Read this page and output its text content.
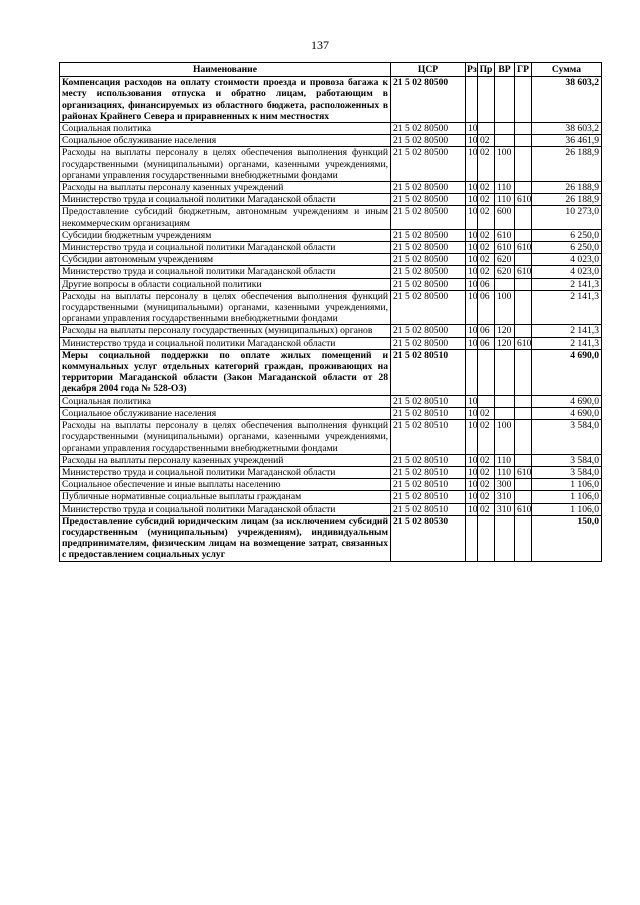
137
Наименование	ЦСР	Рз	Пр	ВР	ГР	Сумма
Компенсация расходов на оплату стоимости проезда и провоза багажа к месту использования отпуска и обратно лицам, работающим в организациях, финансируемых из областного бюджета, расположенных в районах Крайнего Севера и приравненных к ним местностях	21 5 02 80500					38 603,2
Социальная политика	21 5 02 80500	10				38 603,2
Социальное обслуживание населения	21 5 02 80500	10	02			36 461,9
Расходы на выплаты персоналу в целях обеспечения выполнения функций государственными (муниципальными) органами, казенными учреждениями, органами управления государственными внебюджетными фондами	21 5 02 80500	10	02	100		26 188,9
Расходы на выплаты персоналу казенных учреждений	21 5 02 80500	10	02	110		26 188,9
Министерство труда и социальной политики Магаданской области	21 5 02 80500	10	02	110	610	26 188,9
Предоставление субсидий бюджетным, автономным учреждениям и иным некоммерческим организациям	21 5 02 80500	10	02	600		10 273,0
Субсидии бюджетным учреждениям	21 5 02 80500	10	02	610		6 250,0
Министерство труда и социальной политики Магаданской области	21 5 02 80500	10	02	610	610	6 250,0
Субсидии автономным учреждениям	21 5 02 80500	10	02	620		4 023,0
Министерство труда и социальной политики Магаданской области	21 5 02 80500	10	02	620	610	4 023,0
Другие вопросы в области социальной политики	21 5 02 80500	10	06			2 141,3
Расходы на выплаты персоналу в целях обеспечения выполнения функций государственными (муниципальными) органами, казенными учреждениями, органами управления государственными внебюджетными фондами	21 5 02 80500	10	06	100		2 141,3
Расходы на выплаты персоналу государственных (муниципальных) органов	21 5 02 80500	10	06	120		2 141,3
Министерство труда и социальной политики Магаданской области	21 5 02 80500	10	06	120	610	2 141,3
Меры социальной поддержки по оплате жилых помещений и коммунальных услуг отдельных категорий граждан, проживающих на территории Магаданской области (Закон Магаданской области от 28 декабря 2004 года № 528-ОЗ)	21 5 02 80510					4 690,0
Социальная политика	21 5 02 80510	10				4 690,0
Социальное обслуживание населения	21 5 02 80510	10	02			4 690,0
Расходы на выплаты персоналу в целях обеспечения выполнения функций государственными (муниципальными) органами, казенными учреждениями, органами управления государственными внебюджетными фондами	21 5 02 80510	10	02	100		3 584,0
Расходы на выплаты персоналу казенных учреждений	21 5 02 80510	10	02	110		3 584,0
Министерство труда и социальной политики Магаданской области	21 5 02 80510	10	02	110	610	3 584,0
Социальное обеспечение и иные выплаты населению	21 5 02 80510	10	02	300		1 106,0
Публичные нормативные социальные выплаты гражданам	21 5 02 80510	10	02	310		1 106,0
Министерство труда и социальной политики Магаданской области	21 5 02 80510	10	02	310	610	1 106,0
Предоставление субсидий юридическим лицам (за исключением субсидий государственным (муниципальным) учреждениям), индивидуальным предпринимателям, физическим лицам на возмещение затрат, связанных с предоставлением социальных услуг	21 5 02 80530					150,0
